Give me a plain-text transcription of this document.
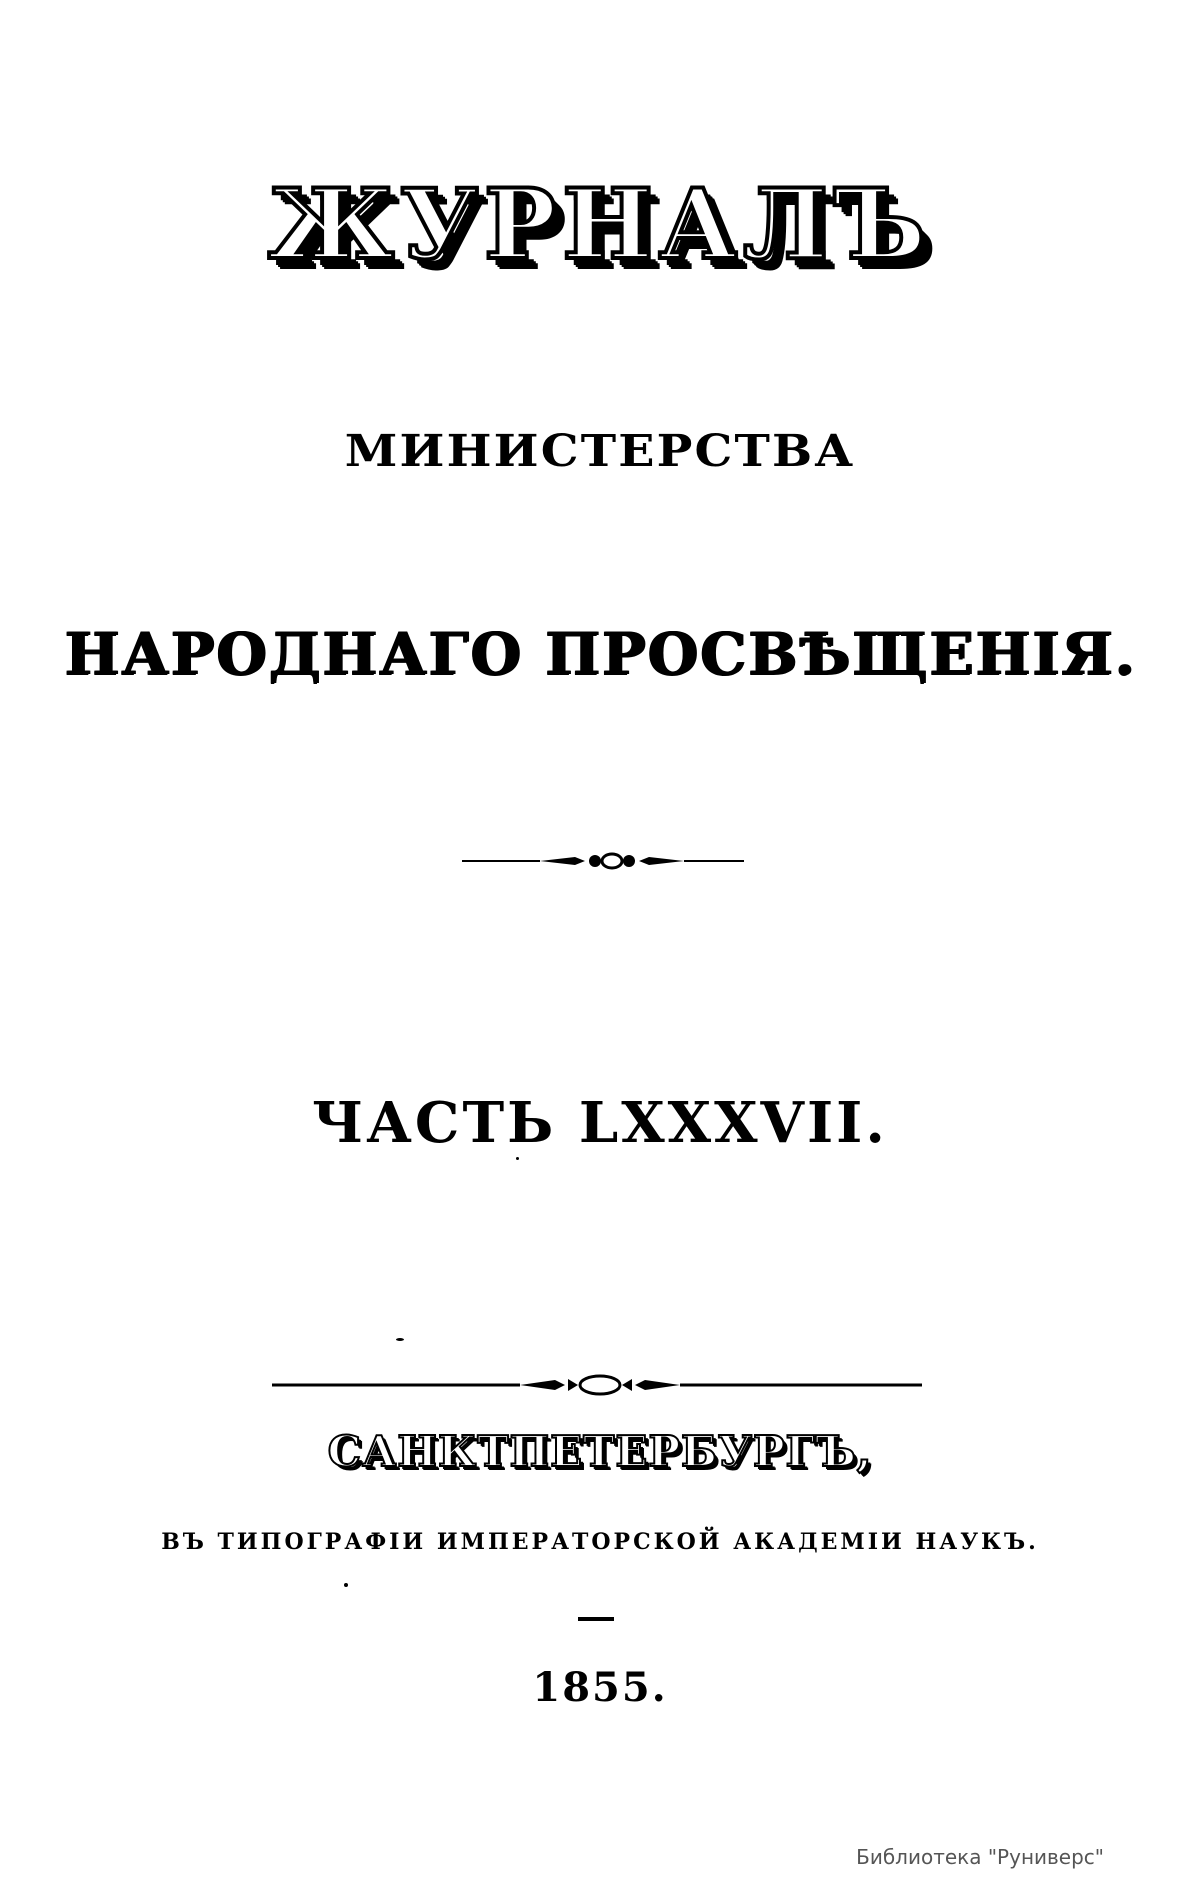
ЖУРНАЛЪ
МИНИСТЕРСТВА
НАРОДНАГО ПРОСВѢЩЕНІЯ.
ЧАСТЬ LXXXVII.
САНКТПЕТЕРБУРГЪ,
ВЪ ТИПОГРАФІИ ИМПЕРАТОРСКОЙ АКАДЕМІИ НАУКЪ.
1855.
Библиотека "Руниверс"
